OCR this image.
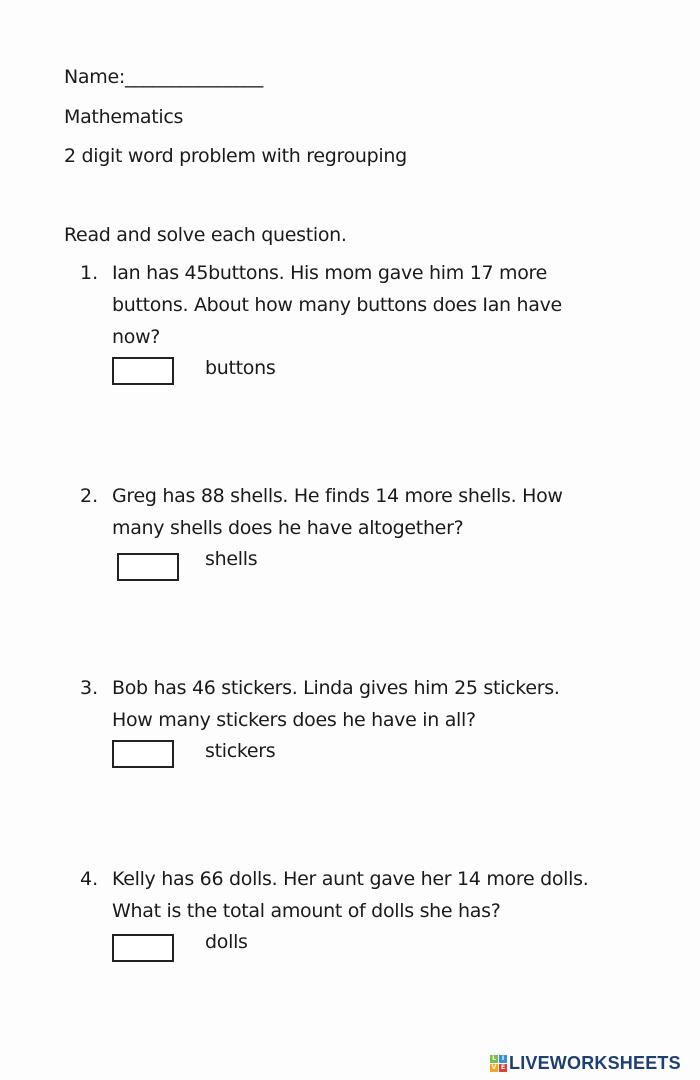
Name:_______________
Mathematics
2 digit word problem with regrouping
Read and solve each question.
1. Ian has 45buttons. His mom gave him 17 more
buttons. About how many buttons does Ian have
now?
buttons
2. Greg has 88 shells. He finds 14 more shells. How
many shells does he have altogether?
shells
3. Bob has 46 stickers. Linda gives him 25 stickers.
How many stickers does he have in all?
stickers
4. Kelly has 66 dolls. Her aunt gave her 14 more dolls.
What is the total amount of dolls she has?
dolls
L I
V E LIVEWORKSHEETS
